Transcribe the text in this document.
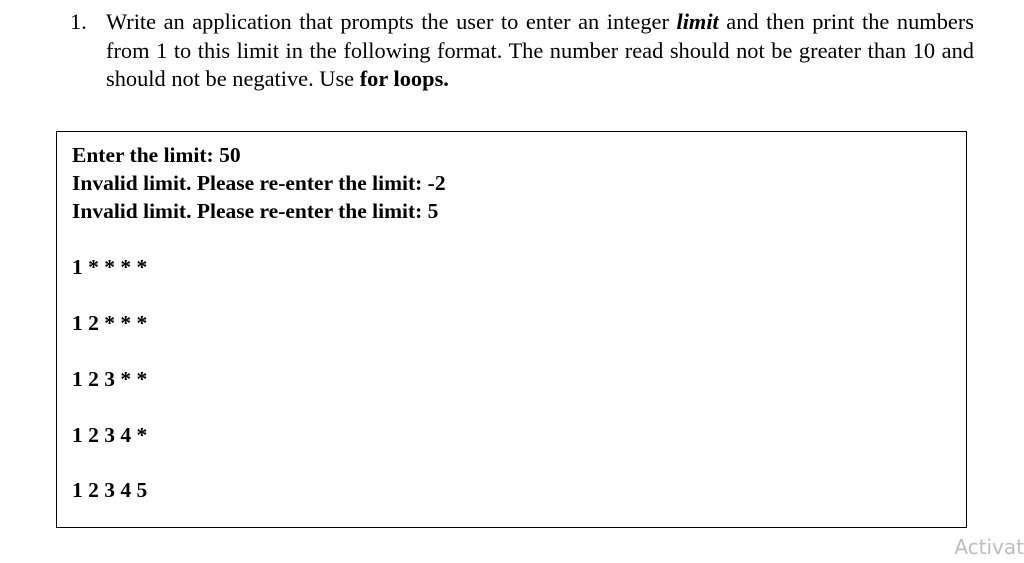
1. Write an application that prompts the user to enter an integer limit and then print the numbers from 1 to this limit in the following format. The number read should not be greater than 10 and should not be negative. Use for loops.
Enter the limit: 50
Invalid limit. Please re-enter the limit: -2
Invalid limit. Please re-enter the limit: 5
1 * * * *
1 2 * * *
1 2 3 * *
1 2 3 4 *
1 2 3 4 5
Activat
